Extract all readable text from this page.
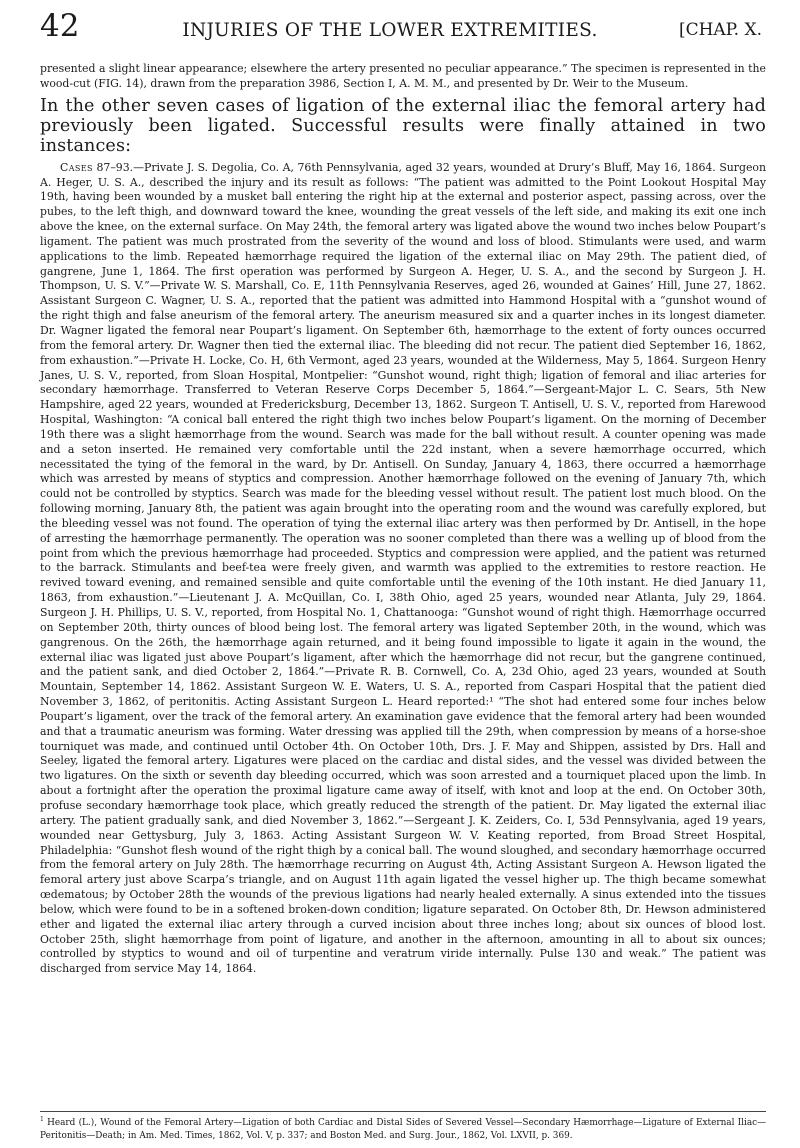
42	INJURIES OF THE LOWER EXTREMITIES.	[CHAP. X.

presented a slight linear appearance; elsewhere the artery presented no peculiar appearance.” The specimen is represented in the wood-cut (FIG. 14), drawn from the preparation 3986, Section I, A. M. M., and presented by Dr. Weir to the Museum.

In the other seven cases of ligation of the external iliac the femoral artery had previously been ligated. Successful results were finally attained in two instances:

Cases 87–93.—Private J. S. Degolia, Co. A, 76th Pennsylvania, aged 32 years, wounded at Drury’s Bluff, May 16, 1864. Surgeon A. Heger, U. S. A., described the injury and its result as follows: “The patient was admitted to the Point Lookout Hospital May 19th, having been wounded by a musket ball entering the right hip at the external and posterior aspect, passing across, over the pubes, to the left thigh, and downward toward the knee, wounding the great vessels of the left side, and making its exit one inch above the knee, on the external surface. On May 24th, the femoral artery was ligated above the wound two inches below Poupart’s ligament. The patient was much prostrated from the severity of the wound and loss of blood. Stimulants were used, and warm applications to the limb. Repeated hæmorrhage required the ligation of the external iliac on May 29th. The patient died, of gangrene, June 1, 1864. The first operation was performed by Surgeon A. Heger, U. S. A., and the second by Surgeon J. H. Thompson, U. S. V.”—Private W. S. Marshall, Co. E, 11th Pennsylvania Reserves, aged 26, wounded at Gaines’ Hill, June 27, 1862. Assistant Surgeon C. Wagner, U. S. A., reported that the patient was admitted into Hammond Hospital with a “gunshot wound of the right thigh and false aneurism of the femoral artery. The aneurism measured six and a quarter inches in its longest diameter. Dr. Wagner ligated the femoral near Poupart’s ligament. On September 6th, hæmorrhage to the extent of forty ounces occurred from the femoral artery. Dr. Wagner then tied the external iliac. The bleeding did not recur. The patient died September 16, 1862, from exhaustion.”—Private H. Locke, Co. H, 6th Vermont, aged 23 years, wounded at the Wilderness, May 5, 1864. Surgeon Henry Janes, U. S. V., reported, from Sloan Hospital, Montpelier: “Gunshot wound, right thigh; ligation of femoral and iliac arteries for secondary hæmorrhage. Transferred to Veteran Reserve Corps December 5, 1864.”—Sergeant-Major L. C. Sears, 5th New Hampshire, aged 22 years, wounded at Fredericksburg, December 13, 1862. Surgeon T. Antisell, U. S. V., reported from Harewood Hospital, Washington: “A conical ball entered the right thigh two inches below Poupart’s ligament. On the morning of December 19th there was a slight hæmorrhage from the wound. Search was made for the ball without result. A counter opening was made and a seton inserted. He remained very comfortable until the 22d instant, when a severe hæmorrhage occurred, which necessitated the tying of the femoral in the ward, by Dr. Antisell. On Sunday, January 4, 1863, there occurred a hæmorrhage which was arrested by means of styptics and compression. Another hæmorrhage followed on the evening of January 7th, which could not be controlled by styptics. Search was made for the bleeding vessel without result. The patient lost much blood. On the following morning, January 8th, the patient was again brought into the operating room and the wound was carefully explored, but the bleeding vessel was not found. The operation of tying the external iliac artery was then performed by Dr. Antisell, in the hope of arresting the hæmorrhage permanently. The operation was no sooner completed than there was a welling up of blood from the point from which the previous hæmorrhage had proceeded. Styptics and compression were applied, and the patient was returned to the barrack. Stimulants and beef-tea were freely given, and warmth was applied to the extremities to restore reaction. He revived toward evening, and remained sensible and quite comfortable until the evening of the 10th instant. He died January 11, 1863, from exhaustion.”—Lieutenant J. A. McQuillan, Co. I, 38th Ohio, aged 25 years, wounded near Atlanta, July 29, 1864. Surgeon J. H. Phillips, U. S. V., reported, from Hospital No. 1, Chattanooga: “Gunshot wound of right thigh. Hæmorrhage occurred on September 20th, thirty ounces of blood being lost. The femoral artery was ligated September 20th, in the wound, which was gangrenous. On the 26th, the hæmorrhage again returned, and it being found impossible to ligate it again in the wound, the external iliac was ligated just above Poupart’s ligament, after which the hæmorrhage did not recur, but the gangrene continued, and the patient sank, and died October 2, 1864.”—Private R. B. Cornwell, Co. A, 23d Ohio, aged 23 years, wounded at South Mountain, September 14, 1862. Assistant Surgeon W. E. Waters, U. S. A., reported from Caspari Hospital that the patient died November 3, 1862, of peritonitis. Acting Assistant Surgeon L. Heard reported:¹ “The shot had entered some four inches below Poupart’s ligament, over the track of the femoral artery. An examination gave evidence that the femoral artery had been wounded and that a traumatic aneurism was forming. Water dressing was applied till the 29th, when compression by means of a horse-shoe tourniquet was made, and continued until October 4th. On October 10th, Drs. J. F. May and Shippen, assisted by Drs. Hall and Seeley, ligated the femoral artery. Ligatures were placed on the cardiac and distal sides, and the vessel was divided between the two ligatures. On the sixth or seventh day bleeding occurred, which was soon arrested and a tourniquet placed upon the limb. In about a fortnight after the operation the proximal ligature came away of itself, with knot and loop at the end. On October 30th, profuse secondary hæmorrhage took place, which greatly reduced the strength of the patient. Dr. May ligated the external iliac artery. The patient gradually sank, and died November 3, 1862.”—Sergeant J. K. Zeiders, Co. I, 53d Pennsylvania, aged 19 years, wounded near Gettysburg, July 3, 1863. Acting Assistant Surgeon W. V. Keating reported, from Broad Street Hospital, Philadelphia: “Gunshot flesh wound of the right thigh by a conical ball. The wound sloughed, and secondary hæmorrhage occurred from the femoral artery on July 28th. The hæmorrhage recurring on August 4th, Acting Assistant Surgeon A. Hewson ligated the femoral artery just above Scarpa’s triangle, and on August 11th again ligated the vessel higher up. The thigh became somewhat œdematous; by October 28th the wounds of the previous ligations had nearly healed externally. A sinus extended into the tissues below, which were found to be in a softened broken-down condition; ligature separated. On October 8th, Dr. Hewson administered ether and ligated the external iliac artery through a curved incision about three inches long; about six ounces of blood lost. October 25th, slight hæmorrhage from point of ligature, and another in the afternoon, amounting in all to about six ounces; controlled by styptics to wound and oil of turpentine and veratrum viride internally. Pulse 130 and weak.” The patient was discharged from service May 14, 1864.

$^1$ Heard (L.), Wound of the Femoral Artery—Ligation of both Cardiac and Distal Sides of Severed Vessel—Secondary Hæmorrhage—Ligature of External Iliac—Peritonitis—Death; in Am. Med. Times, 1862, Vol. V, p. 337; and Boston Med. and Surg. Jour., 1862, Vol. LXVII, p. 369.
